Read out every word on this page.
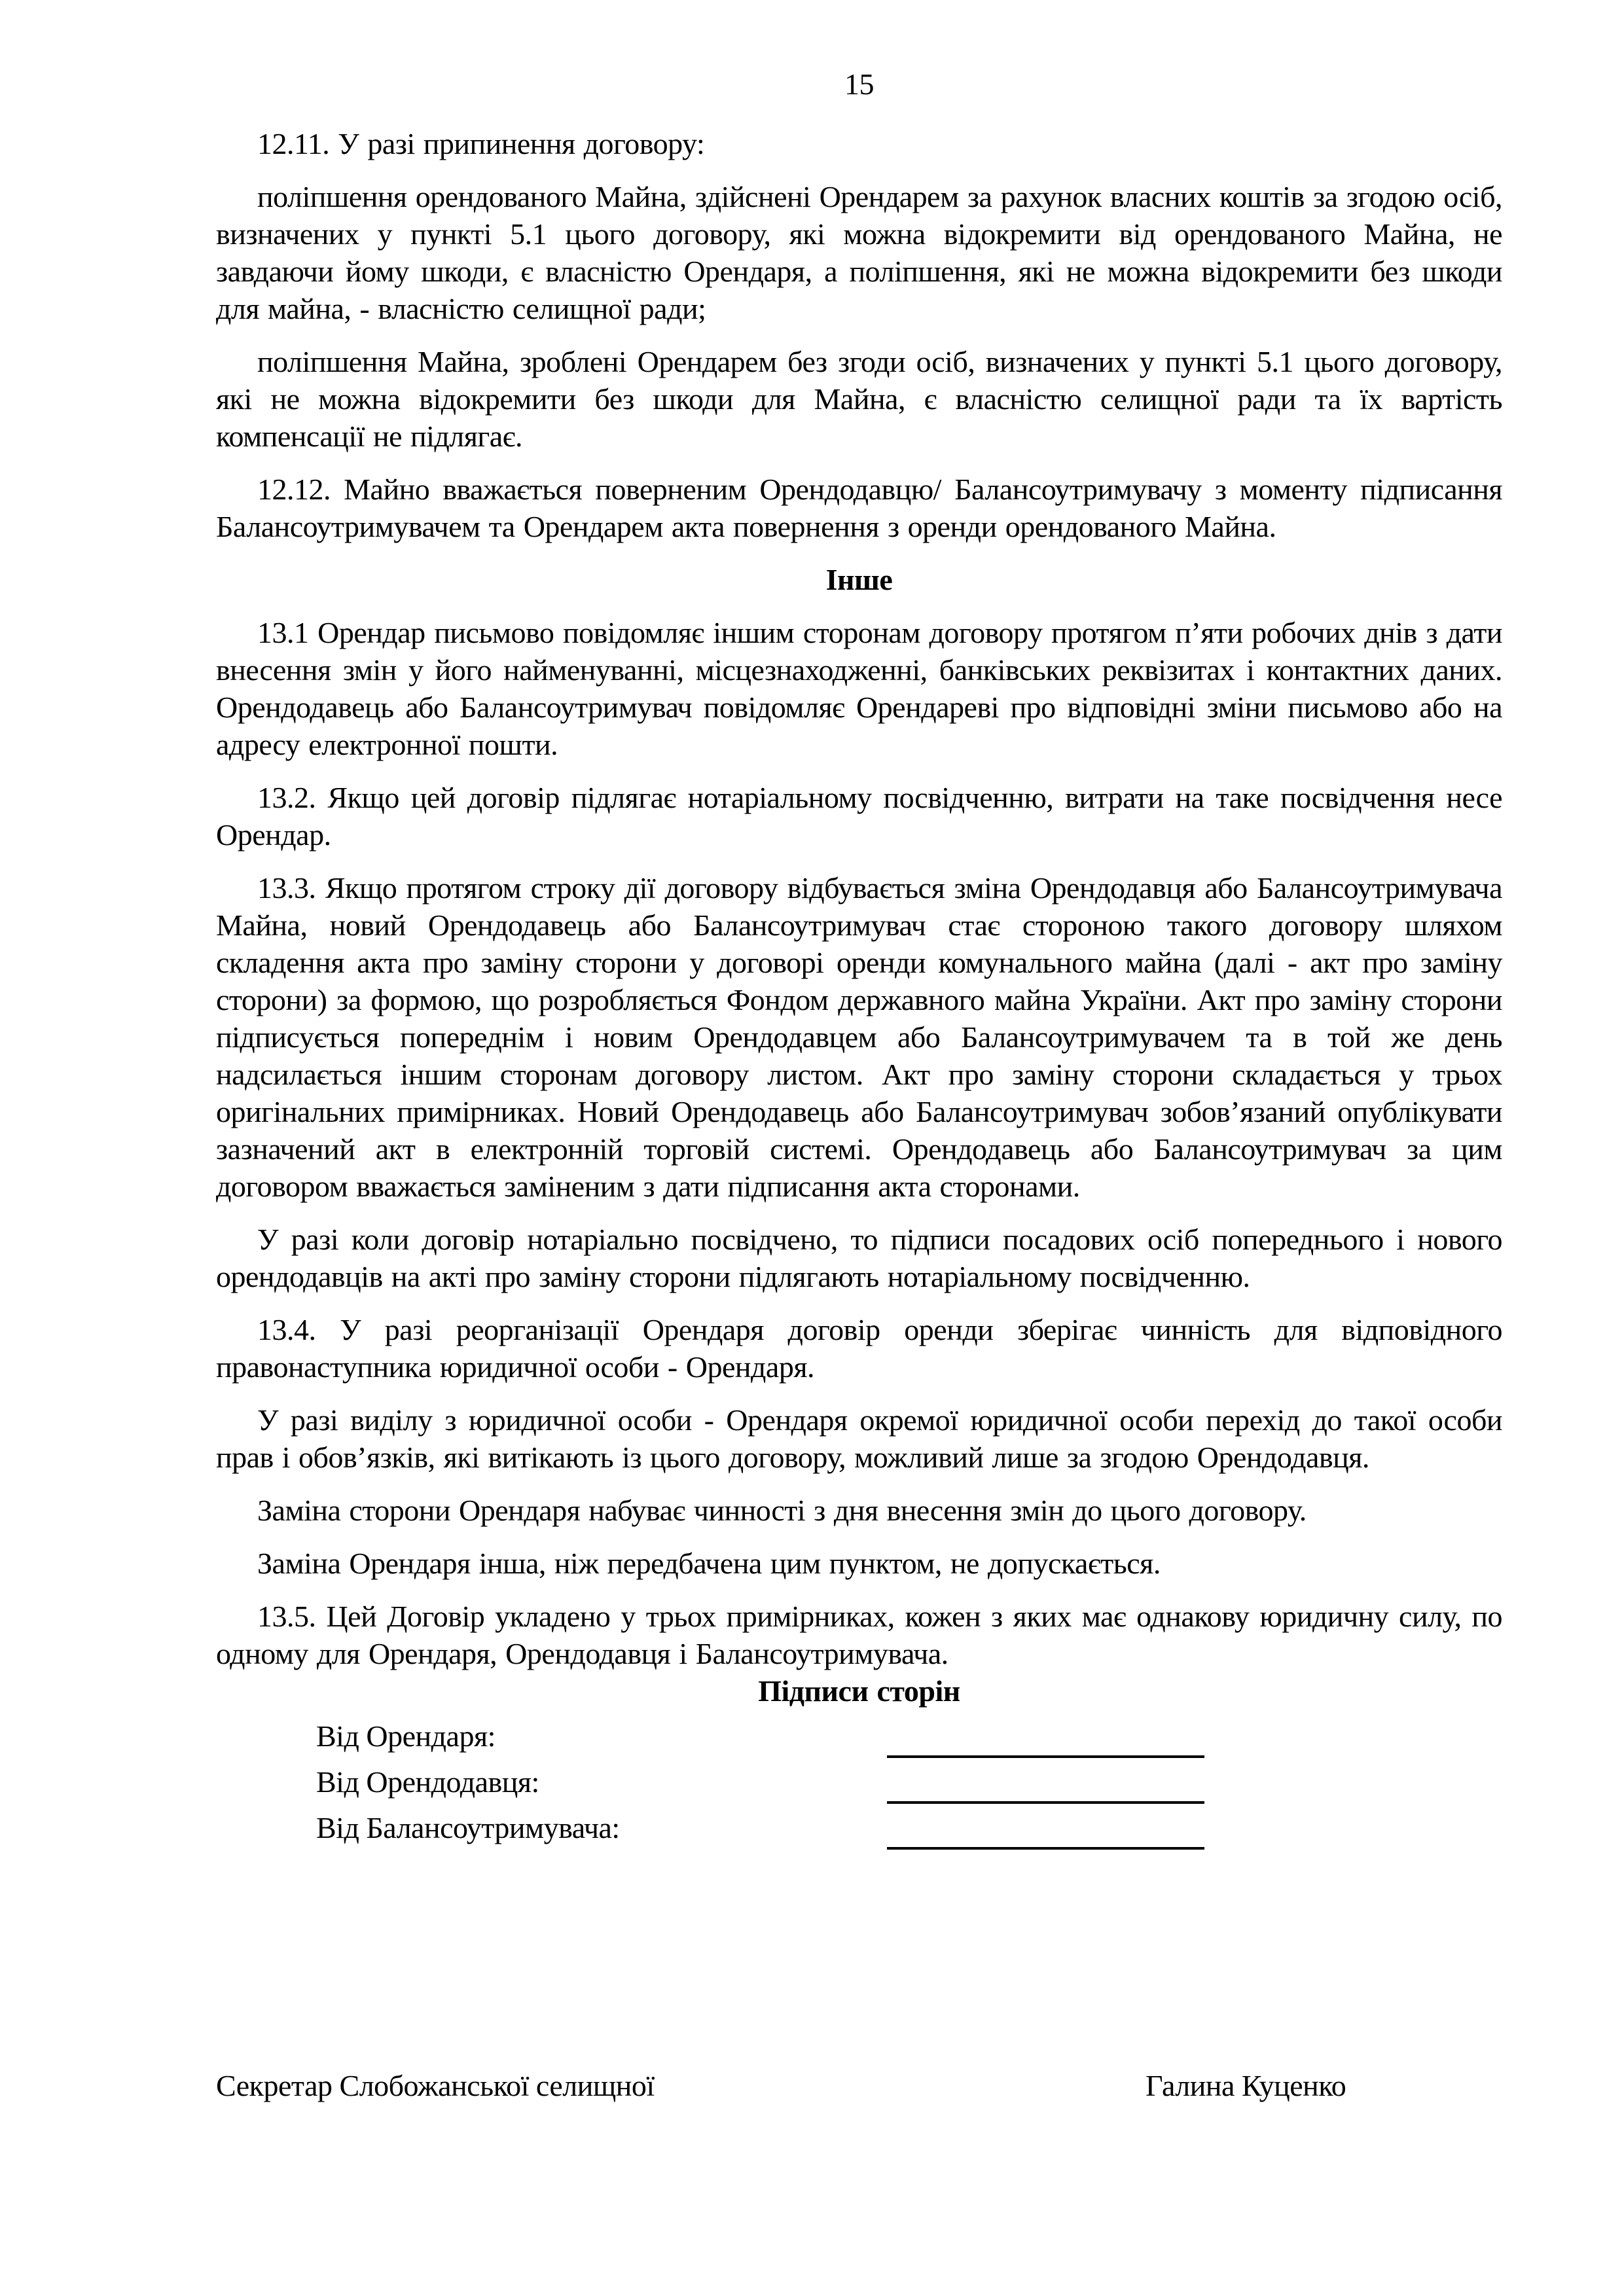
15

12.11. У разі припинення договору:

поліпшення орендованого Майна, здійснені Орендарем за рахунок власних коштів за згодою осіб, визначених у пункті 5.1 цього договору, які можна відокремити від орендованого Майна, не завдаючи йому шкоди, є власністю Орендаря, а поліпшення, які не можна відокремити без шкоди для майна, - власністю селищної ради;

поліпшення Майна, зроблені Орендарем без згоди осіб, визначених у пункті 5.1 цього договору, які не можна відокремити без шкоди для Майна, є власністю селищної ради та їх вартість компенсації не підлягає.

12.12. Майно вважається поверненим Орендодавцю/ Балансоутримувачу з моменту підписання Балансоутримувачем та Орендарем акта повернення з оренди орендованого Майна.

Інше

13.1 Орендар письмово повідомляє іншим сторонам договору протягом п’яти робочих днів з дати внесення змін у його найменуванні, місцезнаходженні, банківських реквізитах і контактних даних. Орендодавець або Балансоутримувач повідомляє Орендареві про відповідні зміни письмово або на адресу електронної пошти.

13.2. Якщо цей договір підлягає нотаріальному посвідченню, витрати на таке посвідчення несе Орендар.

13.3. Якщо протягом строку дії договору відбувається зміна Орендодавця або Балансоутримувача Майна, новий Орендодавець або Балансоутримувач стає стороною такого договору шляхом складення акта про заміну сторони у договорі оренди комунального майна (далі - акт про заміну сторони) за формою, що розробляється Фондом державного майна України. Акт про заміну сторони підписується попереднім і новим Орендодавцем або Балансоутримувачем та в той же день надсилається іншим сторонам договору листом. Акт про заміну сторони складається у трьох оригінальних примірниках. Новий Орендодавець або Балансоутримувач зобов’язаний опублікувати зазначений акт в електронній торговій системі. Орендодавець або Балансоутримувач за цим договором вважається заміненим з дати підписання акта сторонами.

У разі коли договір нотаріально посвідчено, то підписи посадових осіб попереднього і нового орендодавців на акті про заміну сторони підлягають нотаріальному посвідченню.

13.4. У разі реорганізації Орендаря договір оренди зберігає чинність для відповідного правонаступника юридичної особи - Орендаря.

У разі виділу з юридичної особи - Орендаря окремої юридичної особи перехід до такої особи прав і обов’язків, які витікають із цього договору, можливий лише за згодою Орендодавця.

Заміна сторони Орендаря набуває чинності з дня внесення змін до цього договору.

Заміна Орендаря інша, ніж передбачена цим пунктом, не допускається.

13.5. Цей Договір укладено у трьох примірниках, кожен з яких має однакову юридичну силу, по одному для Орендаря, Орендодавця і Балансоутримувача.

Підписи сторін

Від Орендаря:
Від Орендодавця:
Від Балансоутримувача:
Секретар Слобожанської селищної	Галина Куценко
